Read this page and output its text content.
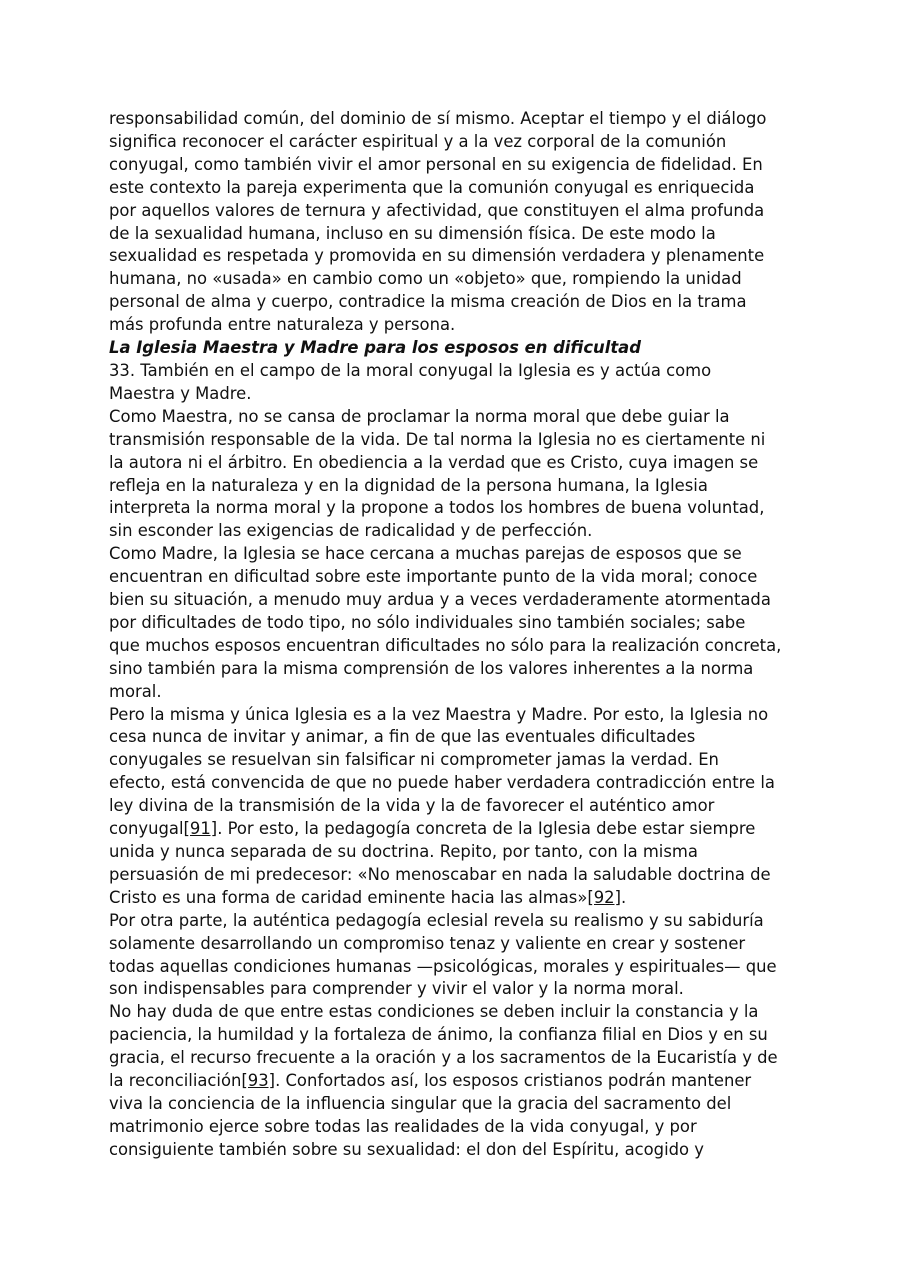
responsabilidad común, del dominio de sí mismo. Aceptar el tiempo y el diálogo
significa reconocer el carácter espiritual y a la vez corporal de la comunión
conyugal, como también vivir el amor personal en su exigencia de fidelidad. En
este contexto la pareja experimenta que la comunión conyugal es enriquecida
por aquellos valores de ternura y afectividad, que constituyen el alma profunda
de la sexualidad humana, incluso en su dimensión física. De este modo la
sexualidad es respetada y promovida en su dimensión verdadera y plenamente
humana, no «usada» en cambio como un «objeto» que, rompiendo la unidad
personal de alma y cuerpo, contradice la misma creación de Dios en la trama
más profunda entre naturaleza y persona.
La Iglesia Maestra y Madre para los esposos en dificultad
33. También en el campo de la moral conyugal la Iglesia es y actúa como
Maestra y Madre.
Como Maestra, no se cansa de proclamar la norma moral que debe guiar la
transmisión responsable de la vida. De tal norma la Iglesia no es ciertamente ni
la autora ni el árbitro. En obediencia a la verdad que es Cristo, cuya imagen se
refleja en la naturaleza y en la dignidad de la persona humana, la Iglesia
interpreta la norma moral y la propone a todos los hombres de buena voluntad,
sin esconder las exigencias de radicalidad y de perfección.
Como Madre, la Iglesia se hace cercana a muchas parejas de esposos que se
encuentran en dificultad sobre este importante punto de la vida moral; conoce
bien su situación, a menudo muy ardua y a veces verdaderamente atormentada
por dificultades de todo tipo, no sólo individuales sino también sociales; sabe
que muchos esposos encuentran dificultades no sólo para la realización concreta,
sino también para la misma comprensión de los valores inherentes a la norma
moral.
Pero la misma y única Iglesia es a la vez Maestra y Madre. Por esto, la Iglesia no
cesa nunca de invitar y animar, a fin de que las eventuales dificultades
conyugales se resuelvan sin falsificar ni comprometer jamas la verdad. En
efecto, está convencida de que no puede haber verdadera contradicción entre la
ley divina de la transmisión de la vida y la de favorecer el auténtico amor
conyugal[91]. Por esto, la pedagogía concreta de la Iglesia debe estar siempre
unida y nunca separada de su doctrina. Repito, por tanto, con la misma
persuasión de mi predecesor: «No menoscabar en nada la saludable doctrina de
Cristo es una forma de caridad eminente hacia las almas»[92].
Por otra parte, la auténtica pedagogía eclesial revela su realismo y su sabiduría
solamente desarrollando un compromiso tenaz y valiente en crear y sostener
todas aquellas condiciones humanas —psicológicas, morales y espirituales— que
son indispensables para comprender y vivir el valor y la norma moral.
No hay duda de que entre estas condiciones se deben incluir la constancia y la
paciencia, la humildad y la fortaleza de ánimo, la confianza filial en Dios y en su
gracia, el recurso frecuente a la oración y a los sacramentos de la Eucaristía y de
la reconciliación[93]. Confortados así, los esposos cristianos podrán mantener
viva la conciencia de la influencia singular que la gracia del sacramento del
matrimonio ejerce sobre todas las realidades de la vida conyugal, y por
consiguiente también sobre su sexualidad: el don del Espíritu, acogido y
